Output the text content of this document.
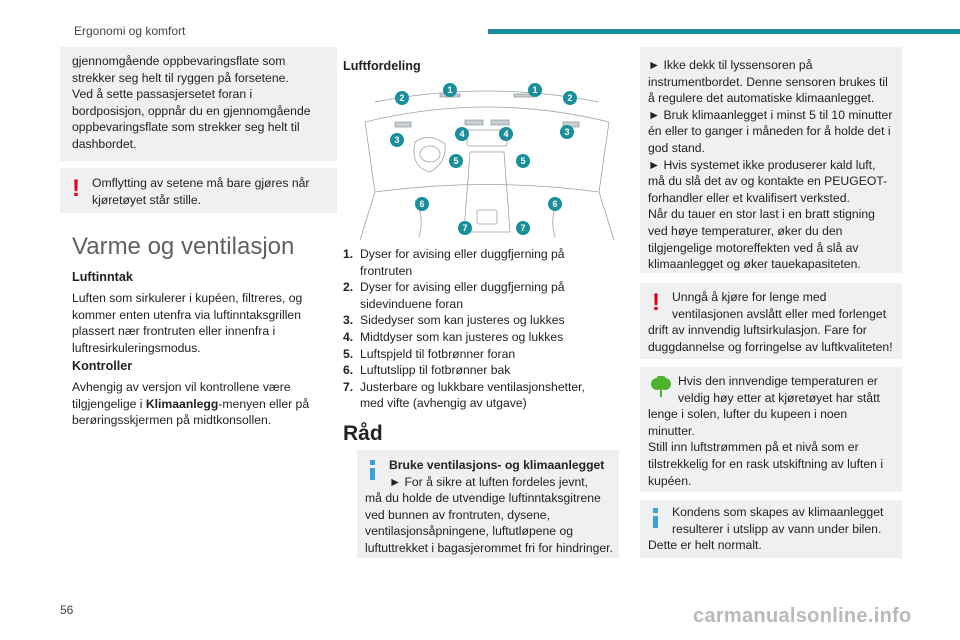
Ergonomi og komfort
gjennomgående oppbevaringsflate som
strekker seg helt til ryggen på forsetene.
Ved å sette passasjersetet foran i
bordposisjon, oppnår du en gjennomgående
oppbevaringsflate som strekker seg helt til
dashbordet.
! Omflytting av setene må bare gjøres når
kjøretøyet står stille.
Varme og ventilasjon
Luftinntak
Luften som sirkulerer i kupéen, filtreres, og
kommer enten utenfra via luftinntaksgrillen
plassert nær frontruten eller innenfra i
luftresirkuleringsmodus.
Kontroller
Avhengig av versjon vil kontrollene være
tilgjengelige i Klimaanlegg-menyen eller på
berøringsskjermen på midtkonsollen.
Luftfordeling
1	1
2	2
3
3
4	4
5	5
6	6
7	7
1. Dyser for avising eller duggfjerning på
frontruten
2. Dyser for avising eller duggfjerning på
sidevinduene foran
3. Sidedyser som kan justeres og lukkes
4. Midtdyser som kan justeres og lukkes
5. Luftspjeld til fotbrønner foran
6. Luftutslipp til fotbrønner bak
7. Justerbare og lukkbare ventilasjonshetter,
med vifte (avhengig av utgave)
Råd
Bruke ventilasjons- og klimaanlegget
► For å sikre at luften fordeles jevnt,
må du holde de utvendige luftinntaksgitrene
ved bunnen av frontruten, dysene,
ventilasjonsåpningene, luftutløpene og
luftuttrekket i bagasjerommet fri for hindringer.
► Ikke dekk til lyssensoren på
instrumentbordet. Denne sensoren brukes til
å regulere det automatiske klimaanlegget.
► Bruk klimaanlegget i minst 5 til 10 minutter
én eller to ganger i måneden for å holde det i
god stand.
► Hvis systemet ikke produserer kald luft,
må du slå det av og kontakte en PEUGEOT-
forhandler eller et kvalifisert verksted.
Når du tauer en stor last i en bratt stigning
ved høye temperaturer, øker du den
tilgjengelige motoreffekten ved å slå av
klimaanlegget og øker tauekapasiteten.
! Unngå å kjøre for lenge med
ventilasjonen avslått eller med forlenget
drift av innvendig luftsirkulasjon. Fare for
duggdannelse og forringelse av luftkvaliteten!
Hvis den innvendige temperaturen er
veldig høy etter at kjøretøyet har stått
lenge i solen, lufter du kupeen i noen
minutter.
Still inn luftstrømmen på et nivå som er
tilstrekkelig for en rask utskiftning av luften i
kupéen.
Kondens som skapes av klimaanlegget
resulterer i utslipp av vann under bilen.
Dette er helt normalt.
56	carmanualsonline.info
